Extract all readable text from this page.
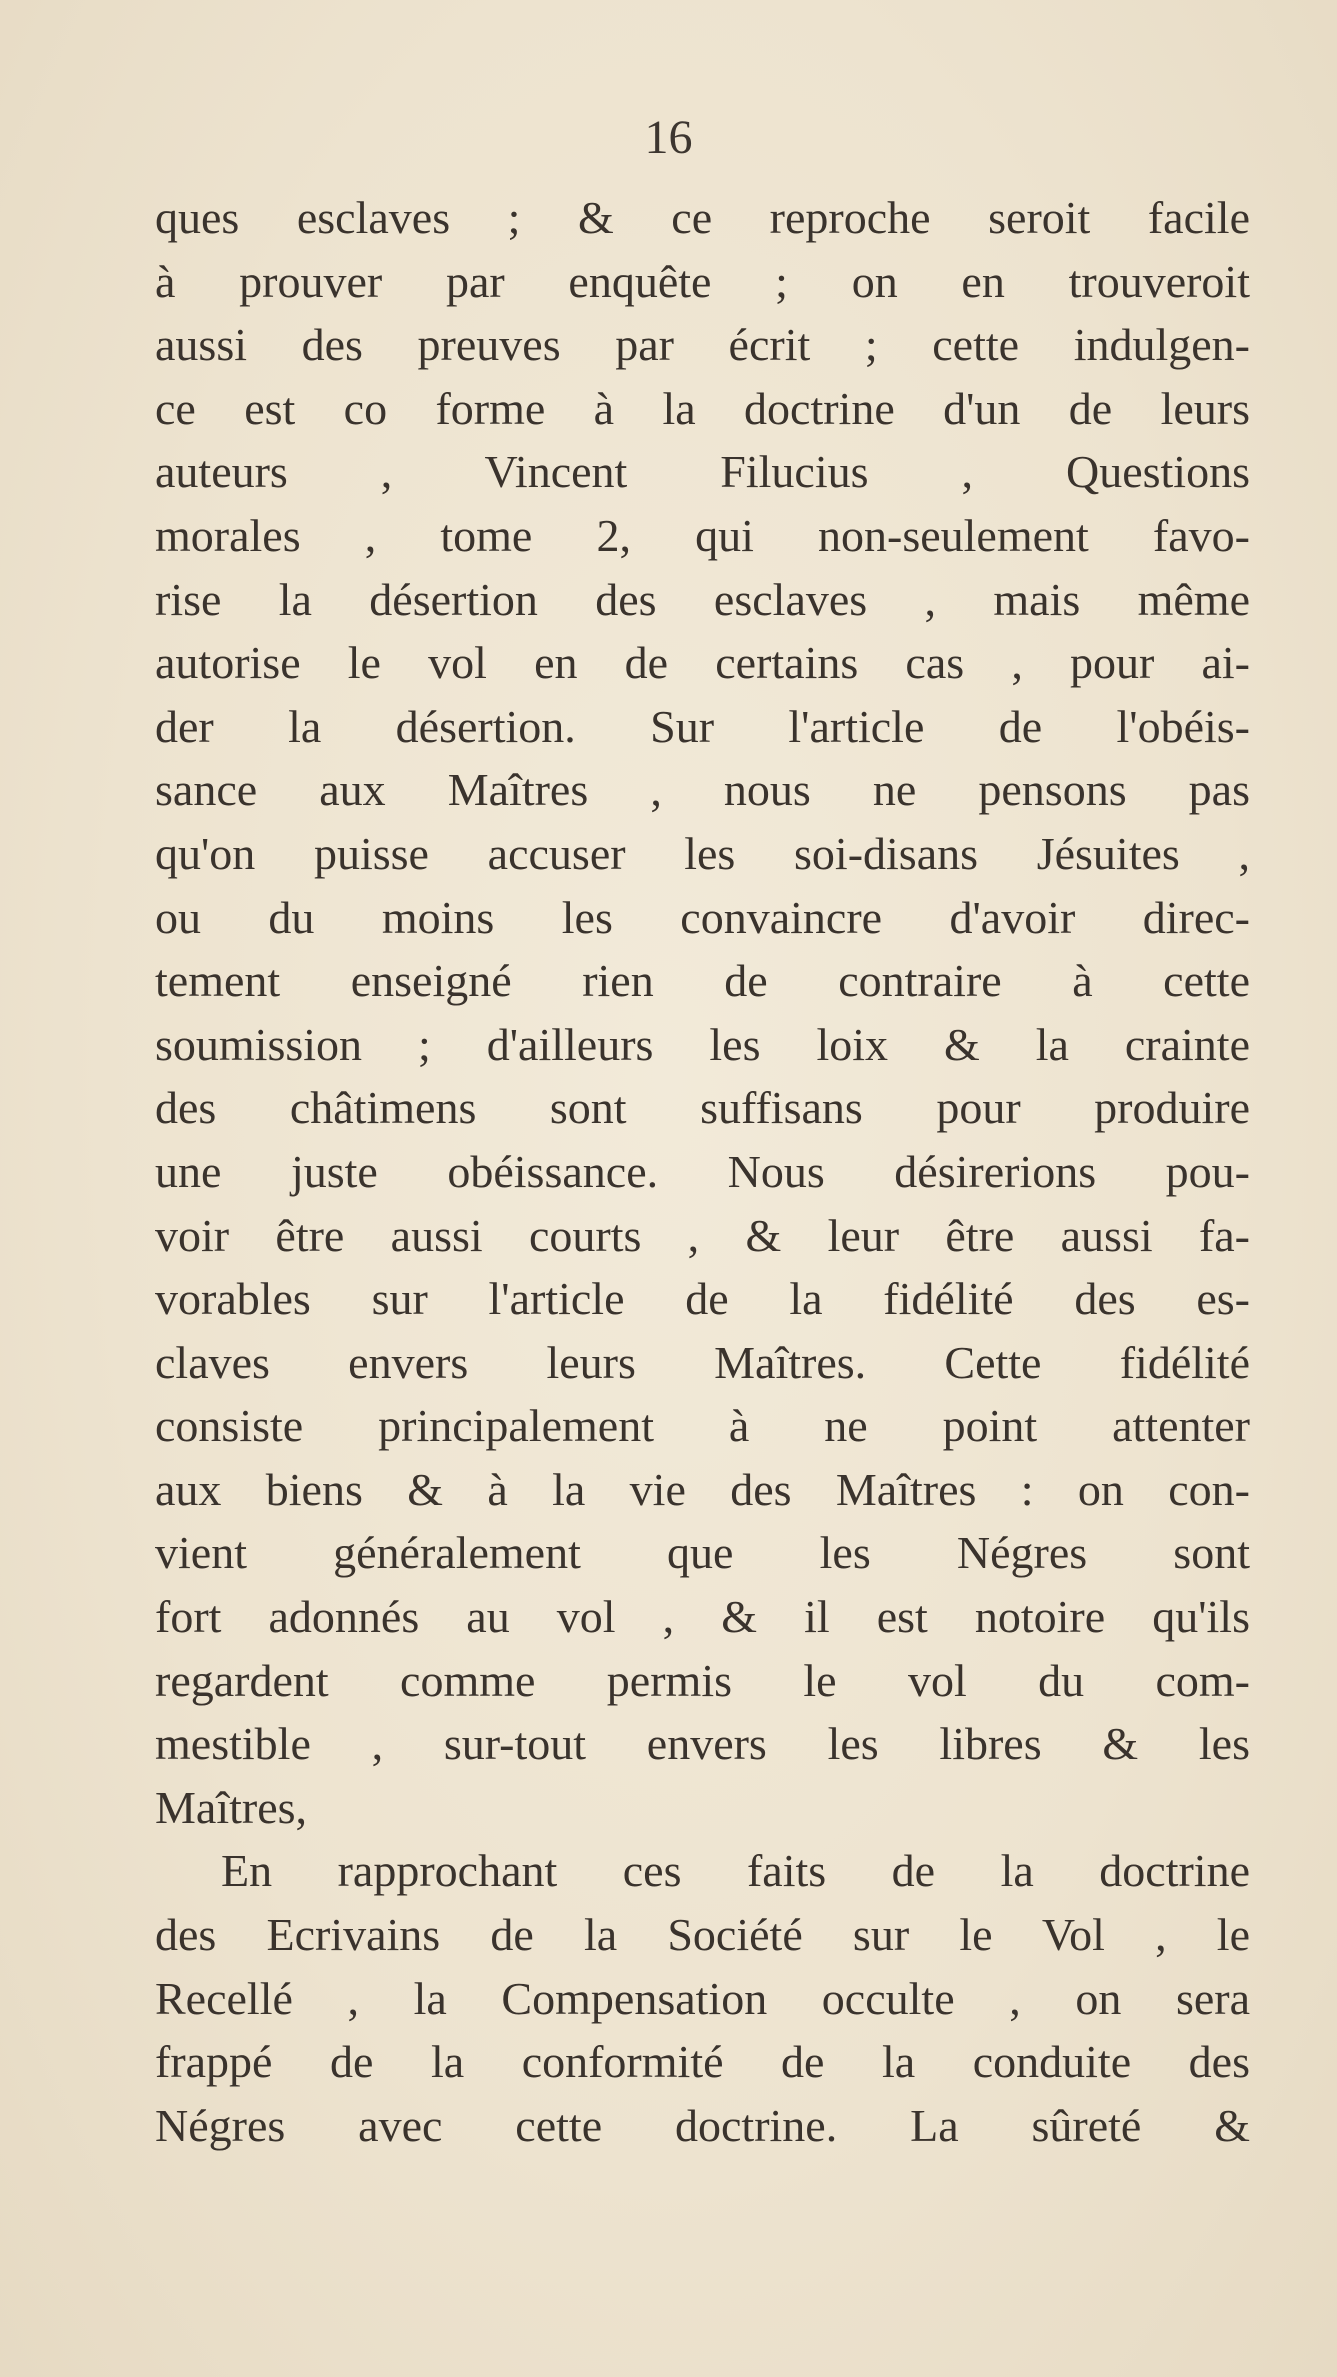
16
ques esclaves ; & ce reproche seroit facile
à prouver par enquête ; on en trouveroit
aussi des preuves par écrit ; cette indulgen-
ce est co forme à la doctrine d'un de leurs
auteurs , Vincent Filucius , Questions
morales , tome 2, qui non-seulement favo-
rise la désertion des esclaves , mais même
autorise le vol en de certains cas , pour ai-
der la désertion. Sur l'article de l'obéis-
sance aux Maîtres , nous ne pensons pas
qu'on puisse accuser les soi-disans Jésuites ,
ou du moins les convaincre d'avoir direc-
tement enseigné rien de contraire à cette
soumission ; d'ailleurs les loix & la crainte
des châtimens sont suffisans pour produire
une juste obéissance. Nous désirerions pou-
voir être aussi courts , & leur être aussi fa-
vorables sur l'article de la fidélité des es-
claves envers leurs Maîtres. Cette fidélité
consiste principalement à ne point attenter
aux biens & à la vie des Maîtres : on con-
vient généralement que les Négres sont
fort adonnés au vol , & il est notoire qu'ils
regardent comme permis le vol du com-
mestible , sur-tout envers les libres & les
Maîtres,
En rapprochant ces faits de la doctrine
des Ecrivains de la Société sur le Vol , le
Recellé , la Compensation occulte , on sera
frappé de la conformité de la conduite des
Négres avec cette doctrine. La sûreté &
